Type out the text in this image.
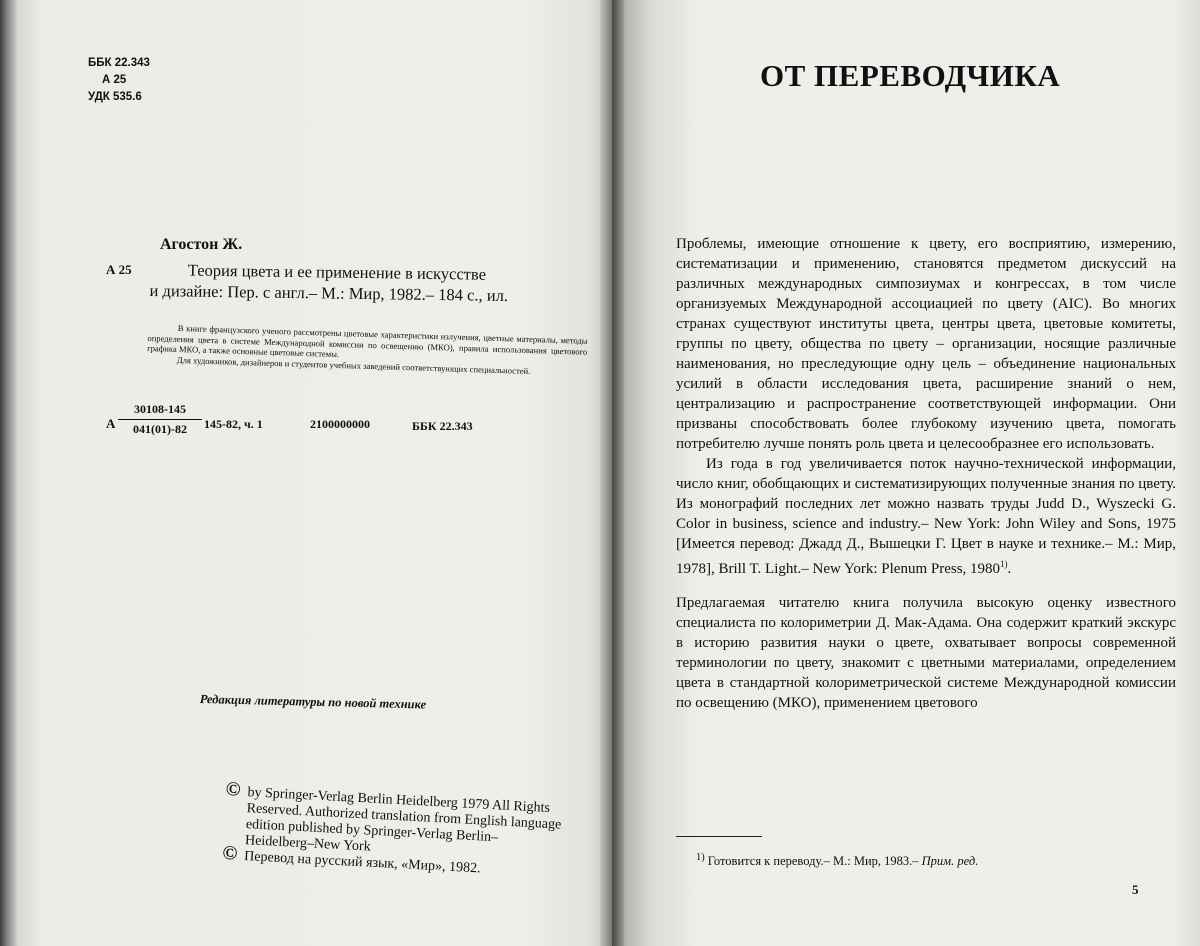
ББК 22.343
А 25
УДК 535.6
Агостон Ж.
А 25	Теория цвета и ее применение в искусстве
и дизайне: Пер. с англ.– М.: Мир, 1982.– 184 с., ил.

В книге французского ученого рассмотрены цветовые характеристики излучения, цветные материалы, методы определения цвета в системе Международной комиссии по освещению (МКО), правила использования цветового графика МКО, а также основные цветовые системы.

Для художников, дизайнеров и студентов учебных заведений соответствующих специальностей.

А $\frac{30108-145}{041(01)-82} 145-82$, ч. 1	2100000000	ББК 22.343
Редакция литературы по новой технике
© by Springer-Verlag Berlin Heidelberg 1979 All Rights Reserved. Authorized translation from English language edition published by Springer-Verlag Berlin–Heidelberg–New York
© Перевод на русский язык, «Мир», 1982.
ОТ ПЕРЕВОДЧИКА

Проблемы, имеющие отношение к цвету, его восприятию, измерению, систематизации и применению, становятся предметом дискуссий на различных международных симпозиумах и конгрессах, в том числе организуемых Международной ассоциацией по цвету (AIC). Во многих странах существуют институты цвета, центры цвета, цветовые комитеты, группы по цвету, общества по цвету – организации, носящие различные наименования, но преследующие одну цель – объединение национальных усилий в области исследования цвета, расширение знаний о нем, централизацию и распространение соответствующей информации. Они призваны способствовать более глубокому изучению цвета, помогать потребителю лучше понять роль цвета и целесообразнее его использовать.

Из года в год увеличивается поток научно-технической информации, число книг, обобщающих и систематизирующих полученные знания по цвету. Из монографий последних лет можно назвать труды Judd D., Wyszecki G. Color in business, science and industry.– New York: John Wiley and Sons, 1975 [Имеется перевод: Джадд Д., Вышецки Г. Цвет в науке и технике.– М.: Мир, 1978], Brill T. Light.– New York: Plenum Press, 1980$^{1)}$.

Предлагаемая читателю книга получила высокую оценку известного специалиста по колориметрии Д. Мак-Адама. Она содержит краткий экскурс в историю развития науки о цвете, охватывает вопросы современной терминологии по цвету, знакомит с цветными материалами, определением цвета в стандартной колориметрической системе Международной комиссии по освещению (МКО), применением цветового

$^{1)}$ Готовится к переводу.– М.: Мир, 1983.– Прим. ред.
5
